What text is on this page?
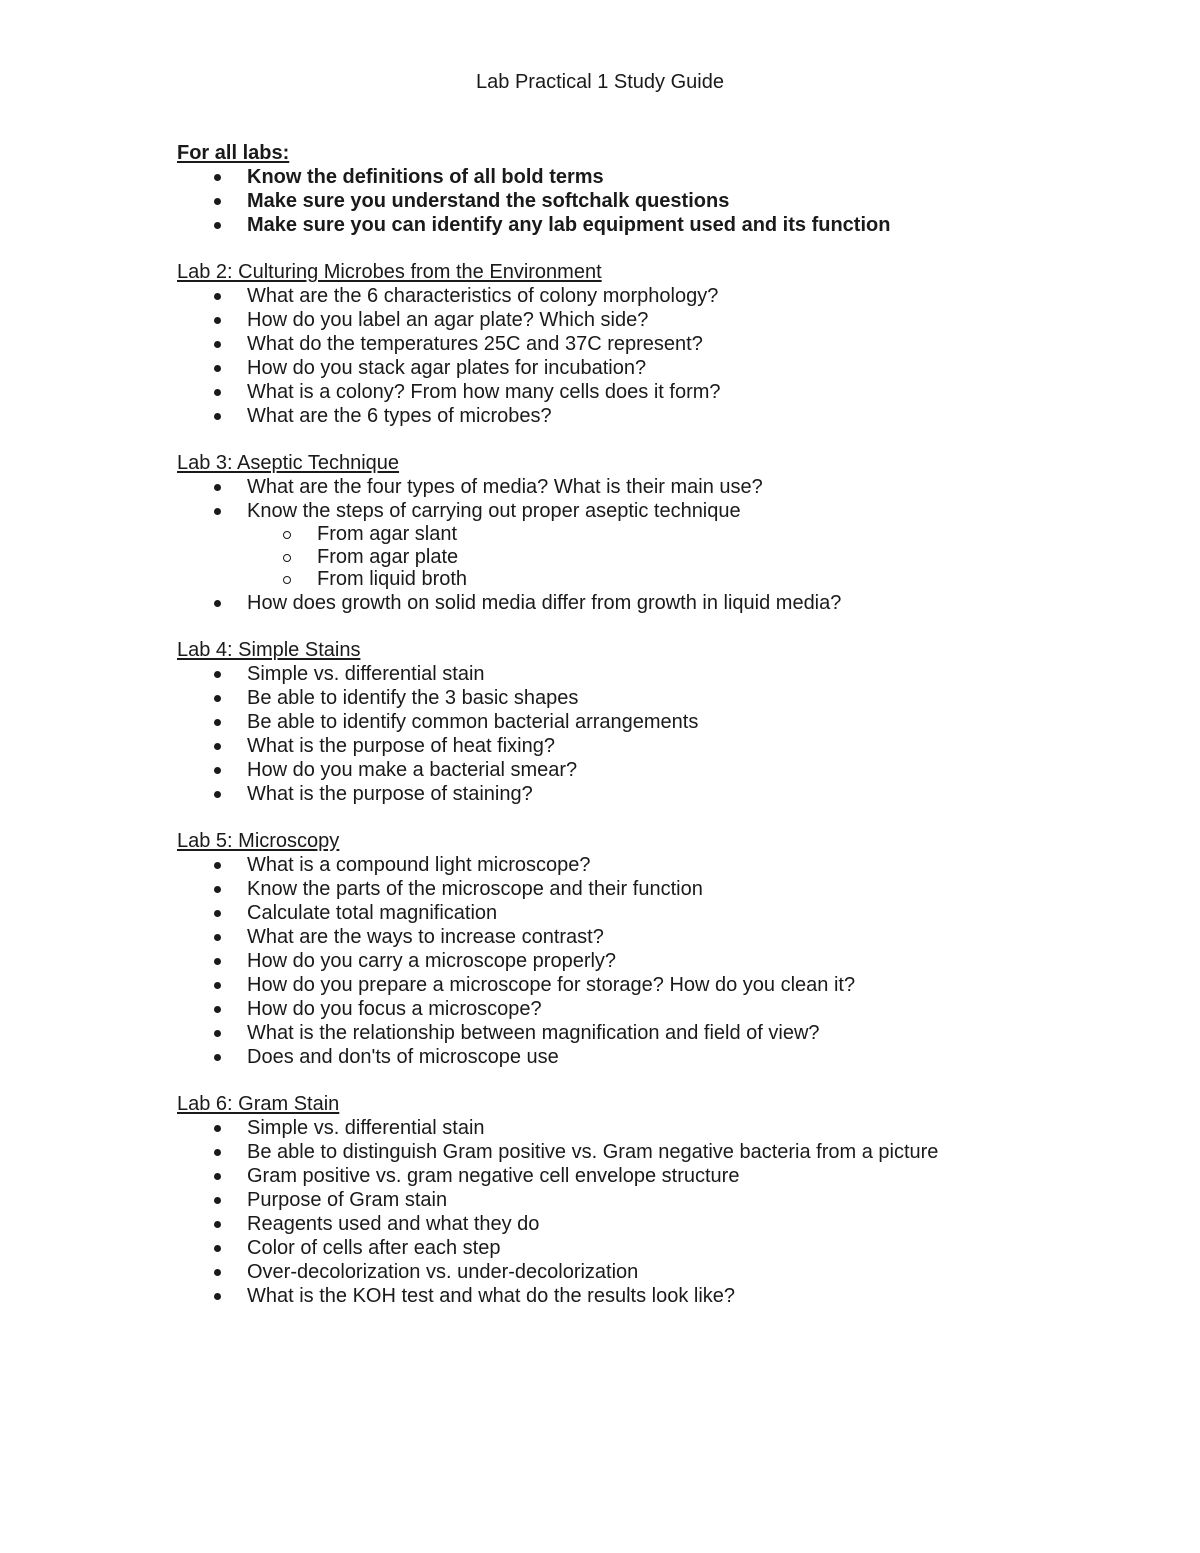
Lab Practical 1 Study Guide
For all labs:
Know the definitions of all bold terms
Make sure you understand the softchalk questions
Make sure you can identify any lab equipment used and its function
Lab 2: Culturing Microbes from the Environment
What are the 6 characteristics of colony morphology?
How do you label an agar plate? Which side?
What do the temperatures 25C and 37C represent?
How do you stack agar plates for incubation?
What is a colony? From how many cells does it form?
What are the 6 types of microbes?
Lab 3: Aseptic Technique
What are the four types of media? What is their main use?
Know the steps of carrying out proper aseptic technique
From agar slant
From agar plate
From liquid broth
How does growth on solid media differ from growth in liquid media?
Lab 4: Simple Stains
Simple vs. differential stain
Be able to identify the 3 basic shapes
Be able to identify common bacterial arrangements
What is the purpose of heat fixing?
How do you make a bacterial smear?
What is the purpose of staining?
Lab 5: Microscopy
What is a compound light microscope?
Know the parts of the microscope and their function
Calculate total magnification
What are the ways to increase contrast?
How do you carry a microscope properly?
How do you prepare a microscope for storage? How do you clean it?
How do you focus a microscope?
What is the relationship between magnification and field of view?
Does and don'ts of microscope use
Lab 6: Gram Stain
Simple vs. differential stain
Be able to distinguish Gram positive vs. Gram negative bacteria from a picture
Gram positive vs. gram negative cell envelope structure
Purpose of Gram stain
Reagents used and what they do
Color of cells after each step
Over-decolorization vs. under-decolorization
What is the KOH test and what do the results look like?
